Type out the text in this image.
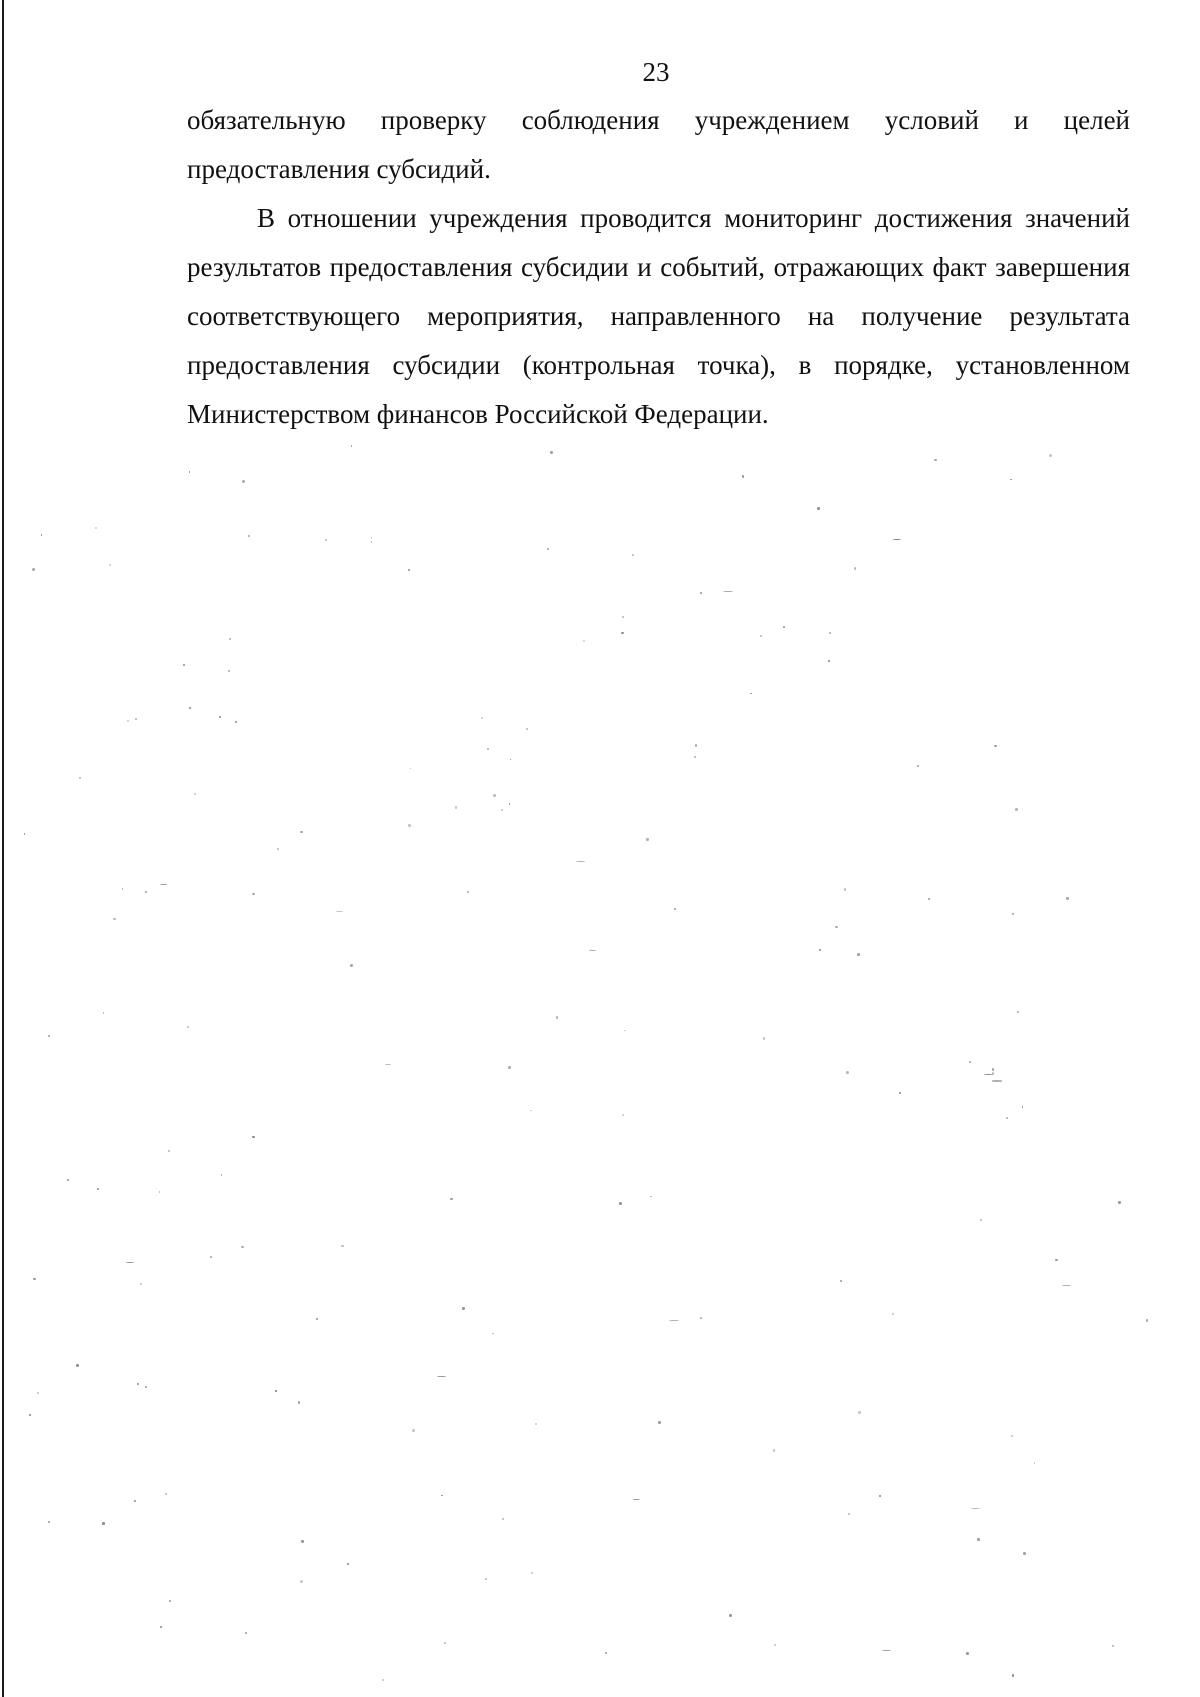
23

обязательную проверку соблюдения учреждением условий и целей предоставления субсидий.

В отношении учреждения проводится мониторинг достижения значений результатов предоставления субсидии и событий, отражающих факт завершения соответствующего мероприятия, направленного на получение результата предоставления субсидии (контрольная точка), в порядке, установленном Министерством финансов Российской Федерации.
